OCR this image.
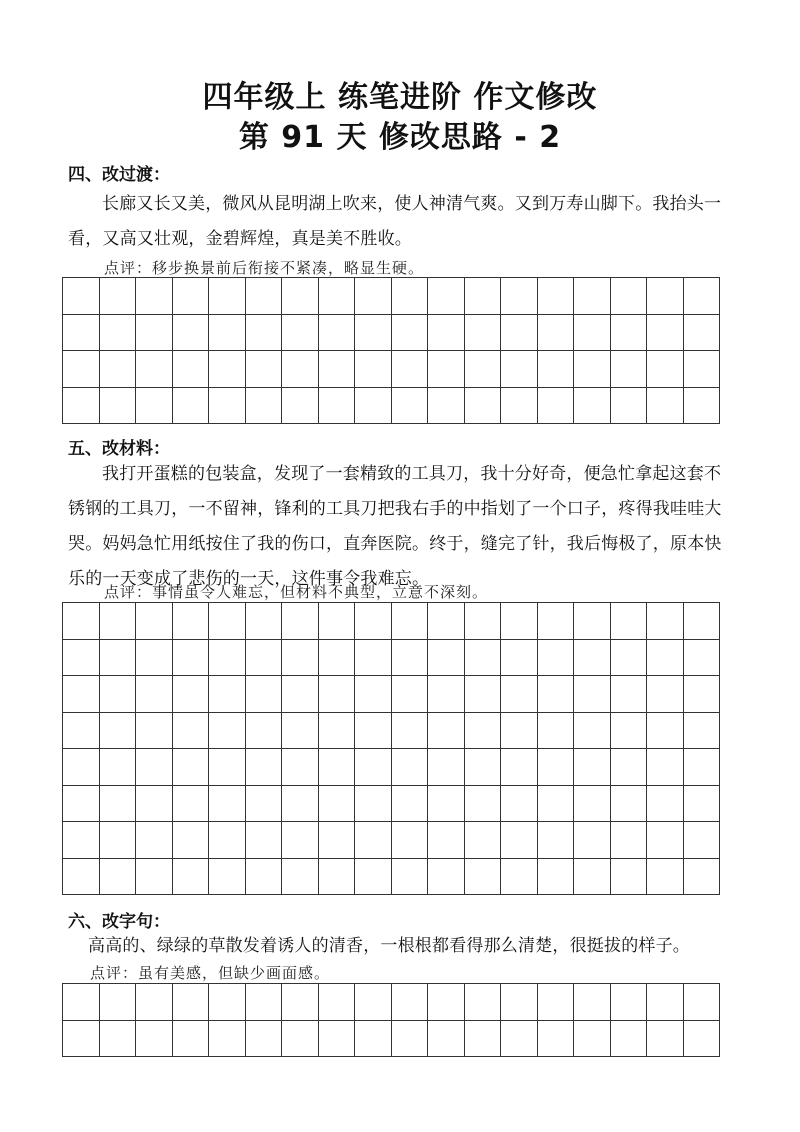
四年级上 练笔进阶 作文修改
第 91 天 修改思路 - 2
四、改过渡：
长廊又长又美，微风从昆明湖上吹来，使人神清气爽。又到万寿山脚下。我抬头一看，又高又壮观，金碧辉煌，真是美不胜收。
点评：移步换景前后衔接不紧凑，略显生硬。

五、改材料：
我打开蛋糕的包装盒，发现了一套精致的工具刀，我十分好奇，便急忙拿起这套不锈钢的工具刀，一不留神，锋利的工具刀把我右手的中指划了一个口子，疼得我哇哇大哭。妈妈急忙用纸按住了我的伤口，直奔医院。终于，缝完了针，我后悔极了，原本快乐的一天变成了悲伤的一天，这件事令我难忘。
点评：事情虽令人难忘，但材料不典型，立意不深刻。

六、改字句：
高高的、绿绿的草散发着诱人的清香，一根根都看得那么清楚，很挺拔的样子。
点评：虽有美感，但缺少画面感。
